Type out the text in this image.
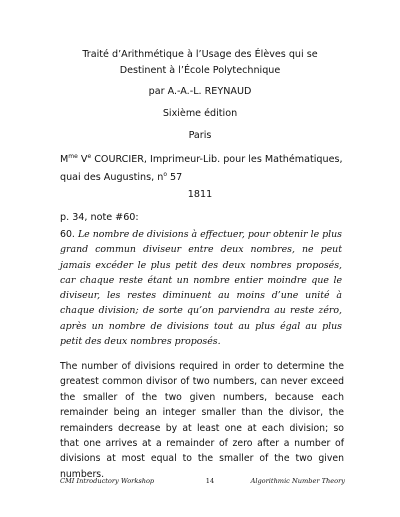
Traité d’Arithmétique à l’Usage des Élèves qui se Destinent à l’École Polytechnique
par A.-A.-L. REYNAUD
Sixième édition
Paris
$M^{me}$ Ve COURCIER, Imprimeur-Lib. pour les Mathématiques, quai des Augustins, $n^o$ 57
1811
p. 34, note #60:
60. Le nombre de divisions à effectuer, pour obtenir le plus grand commun diviseur entre deux nombres, ne peut jamais excéder le plus petit des deux nombres proposés, car chaque reste étant un nombre entier moindre que le diviseur, les restes diminuent au moins d’une unité à chaque division; de sorte qu’on parviendra au reste zéro, après un nombre de divisions tout au plus égal au plus petit des deux nombres proposés.
The number of divisions required in order to determine the greatest common divisor of two numbers, can never exceed the smaller of the two given numbers, because each remainder being an integer smaller than the divisor, the remainders decrease by at least one at each division; so that one arrives at a remainder of zero after a number of divisions at most equal to the smaller of the two given numbers.
CMI Introductory Workshop	14	Algorithmic Number Theory
